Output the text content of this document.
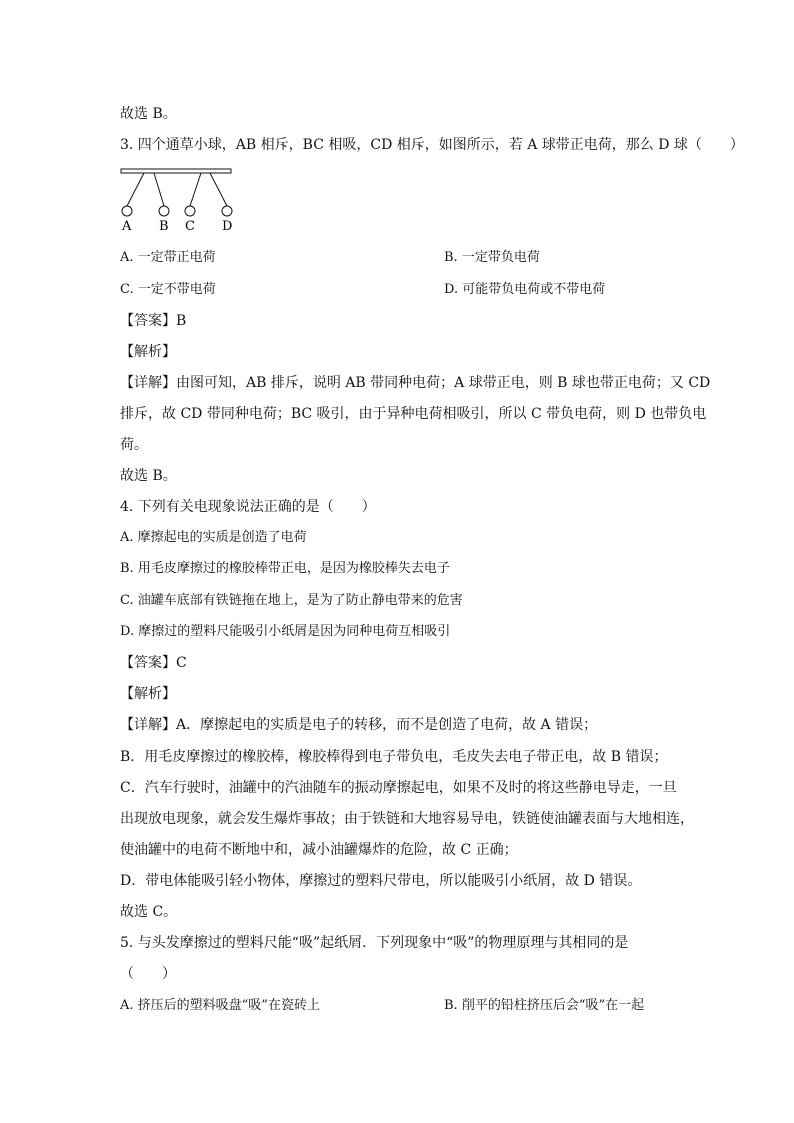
故选 B。
3. 四个通草小球，AB 相斥，BC 相吸，CD 相斥，如图所示，若 A 球带正电荷，那么 D 球（　　）
A B C D
A. 一定带正电荷	B. 一定带负电荷
C. 一定不带电荷	D. 可能带负电荷或不带电荷
【答案】B
【解析】
【详解】由图可知，AB 排斥，说明 AB 带同种电荷；A 球带正电，则 B 球也带正电荷；又 CD
排斥，故 CD 带同种电荷；BC 吸引，由于异种电荷相吸引，所以 C 带负电荷，则 D 也带负电
荷。
故选 B。
4. 下列有关电现象说法正确的是（　　）
A. 摩擦起电的实质是创造了电荷
B. 用毛皮摩擦过的橡胶棒带正电，是因为橡胶棒失去电子
C. 油罐车底部有铁链拖在地上，是为了防止静电带来的危害
D. 摩擦过的塑料尺能吸引小纸屑是因为同种电荷互相吸引
【答案】C
【解析】
【详解】A．摩擦起电的实质是电子的转移，而不是创造了电荷，故 A 错误；
B．用毛皮摩擦过的橡胶棒，橡胶棒得到电子带负电，毛皮失去电子带正电，故 B 错误；
C．汽车行驶时，油罐中的汽油随车的振动摩擦起电，如果不及时的将这些静电导走，一旦
出现放电现象，就会发生爆炸事故；由于铁链和大地容易导电，铁链使油罐表面与大地相连，
使油罐中的电荷不断地中和，减小油罐爆炸的危险，故 C 正确；
D．带电体能吸引轻小物体，摩擦过的塑料尺带电，所以能吸引小纸屑，故 D 错误。
故选 C。
5. 与头发摩擦过的塑料尺能“吸”起纸屑．下列现象中“吸”的物理原理与其相同的是
（　　）
A. 挤压后的塑料吸盘“吸”在瓷砖上	B. 削平的铅柱挤压后会“吸”在一起
